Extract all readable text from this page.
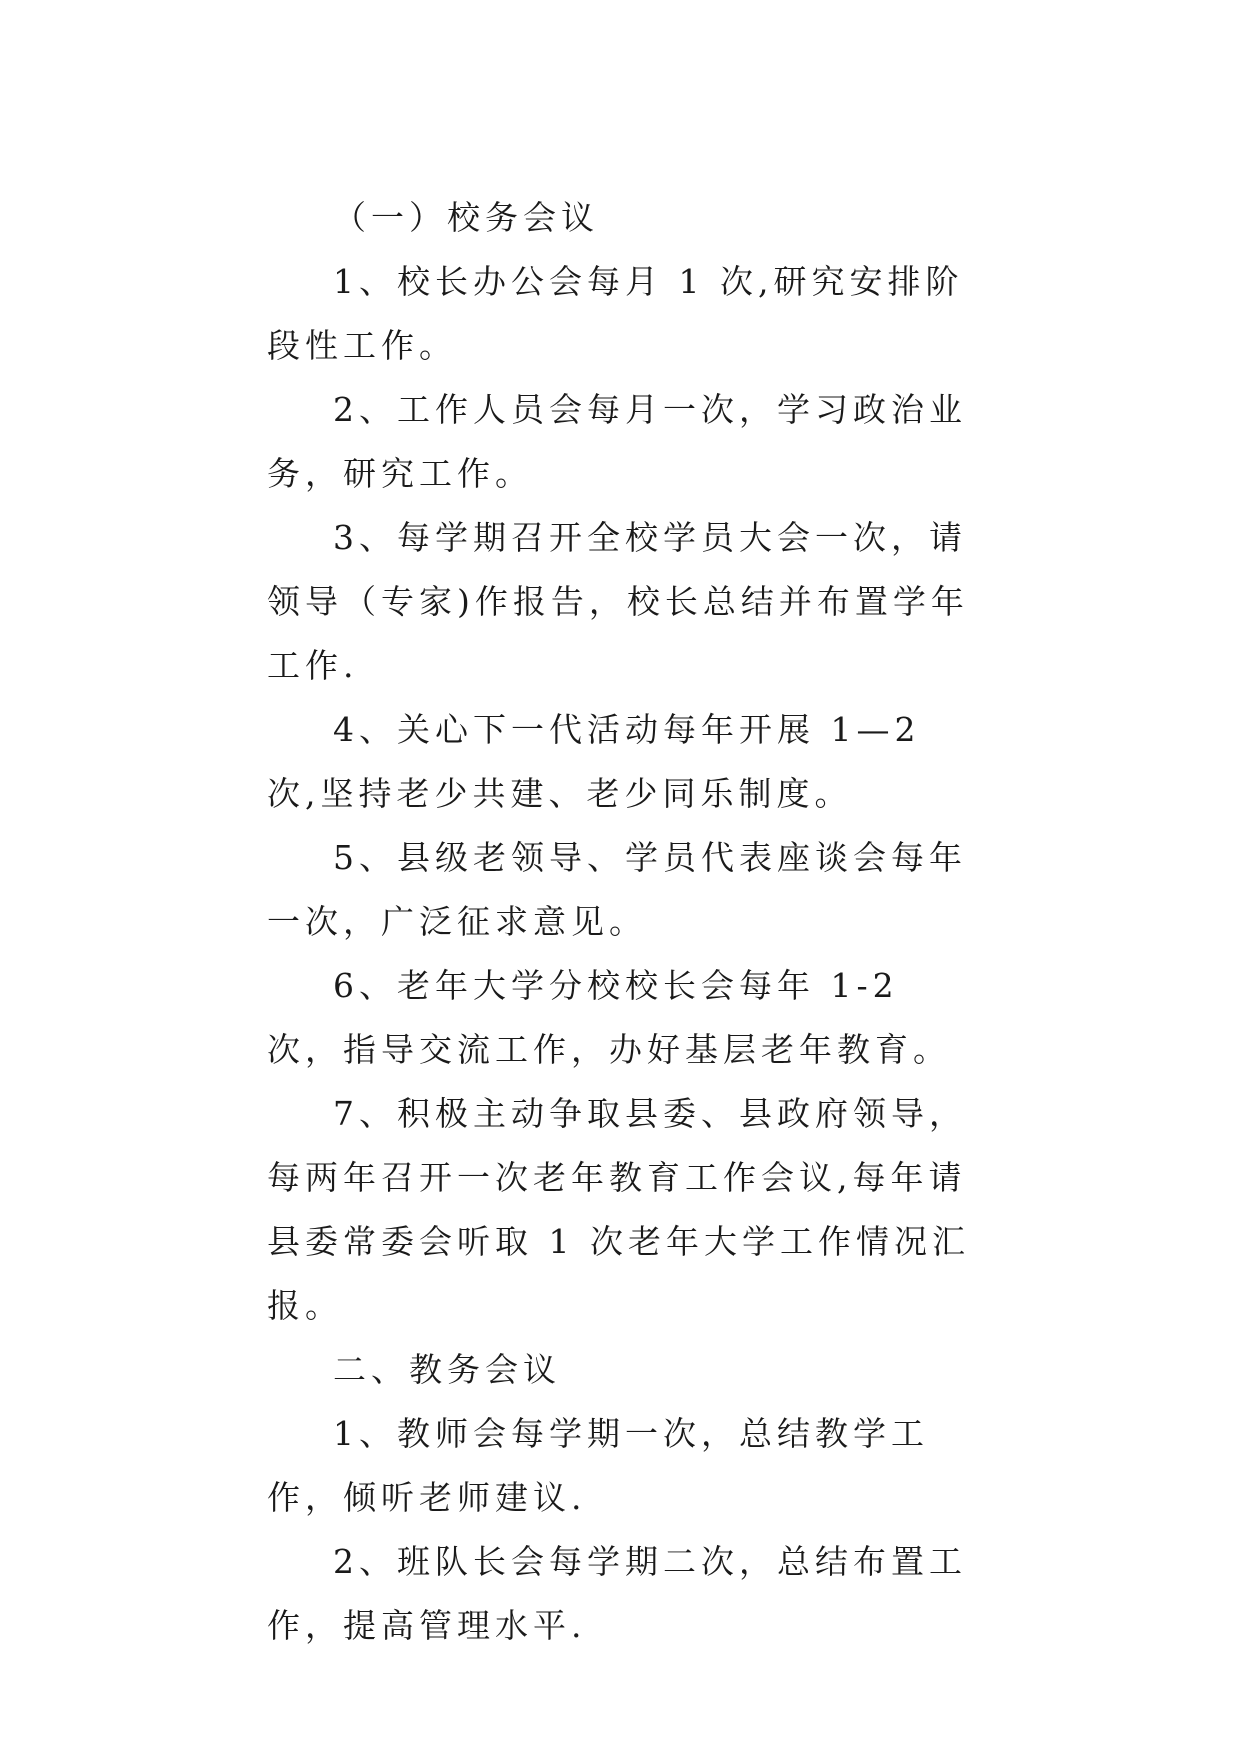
（一）校务会议

1、校长办公会每月 1 次,研究安排阶段性工作。

2、工作人员会每月一次，学习政治业务，研究工作。

3、每学期召开全校学员大会一次，请领导（专家)作报告，校长总结并布置学年工作.

4、关心下一代活动每年开展 1—2 次,坚持老少共建、老少同乐制度。

5、县级老领导、学员代表座谈会每年一次，广泛征求意见。

6、老年大学分校校长会每年 1-2 次，指导交流工作，办好基层老年教育。

7、积极主动争取县委、县政府领导，每两年召开一次老年教育工作会议,每年请县委常委会听取 1 次老年大学工作情况汇报。

二、教务会议

1、教师会每学期一次，总结教学工作，倾听老师建议.

2、班队长会每学期二次，总结布置工作，提高管理水平.
